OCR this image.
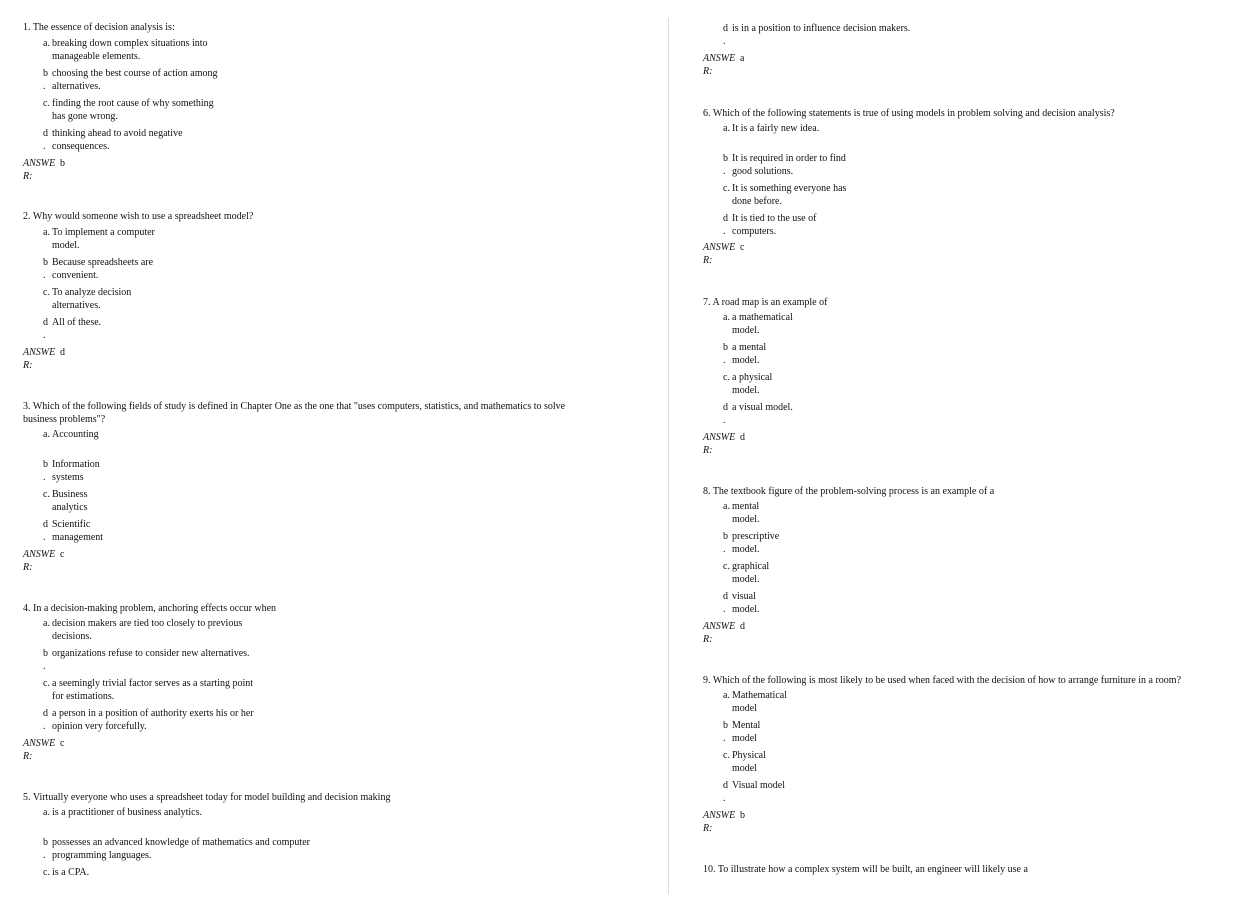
1. The essence of decision analysis is:
a. breaking down complex situations into
manageable elements.
b
.
choosing the best course of action among
alternatives.
c. finding the root cause of why something
has gone wrong.
d
.
thinking ahead to avoid negative
consequences.
ANSWE b
R:
2. Why would someone wish to use a spreadsheet model?
a. To implement a computer
model.
b
.
Because spreadsheets are
convenient.
c. To analyze decision
alternatives.
d
.
All of these.
ANSWE d
R:
3. Which of the following fields of study is defined in Chapter One as the one that "uses computers, statistics, and mathematics to solve
business problems"?
a. Accounting
b
.
Information
systems
c. Business
analytics
d
.
Scientific
management
ANSWE c
R:
4. In a decision-making problem, anchoring effects occur when
a. decision makers are tied too closely to previous
decisions.
b
.
organizations refuse to consider new alternatives.
c. a seemingly trivial factor serves as a starting point
for estimations.
d
.
a person in a position of authority exerts his or her
opinion very forcefully.
ANSWE c
R:
5. Virtually everyone who uses a spreadsheet today for model building and decision making
a. is a practitioner of business analytics.
b
.
possesses an advanced knowledge of mathematics and computer
programming languages.
c. is a CPA.
d
.
is in a position to influence decision makers.
ANSWE a
R:
6. Which of the following statements is true of using models in problem solving and decision analysis?
a. It is a fairly new idea.
b
.
It is required in order to find
good solutions.
c. It is something everyone has
done before.
d
.
It is tied to the use of
computers.
ANSWE c
R:
7. A road map is an example of
a. a mathematical
model.
b
.
a mental
model.
c. a physical
model.
d
.
a visual model.
ANSWE d
R:
8. The textbook figure of the problem-solving process is an example of a
a. mental
model.
b
.
prescriptive
model.
c. graphical
model.
d
.
visual
model.
ANSWE d
R:
9. Which of the following is most likely to be used when faced with the decision of how to arrange furniture in a room?
a. Mathematical
model
b
.
Mental
model
c. Physical
model
d
.
Visual model
ANSWE b
R:
10. To illustrate how a complex system will be built, an engineer will likely use a
